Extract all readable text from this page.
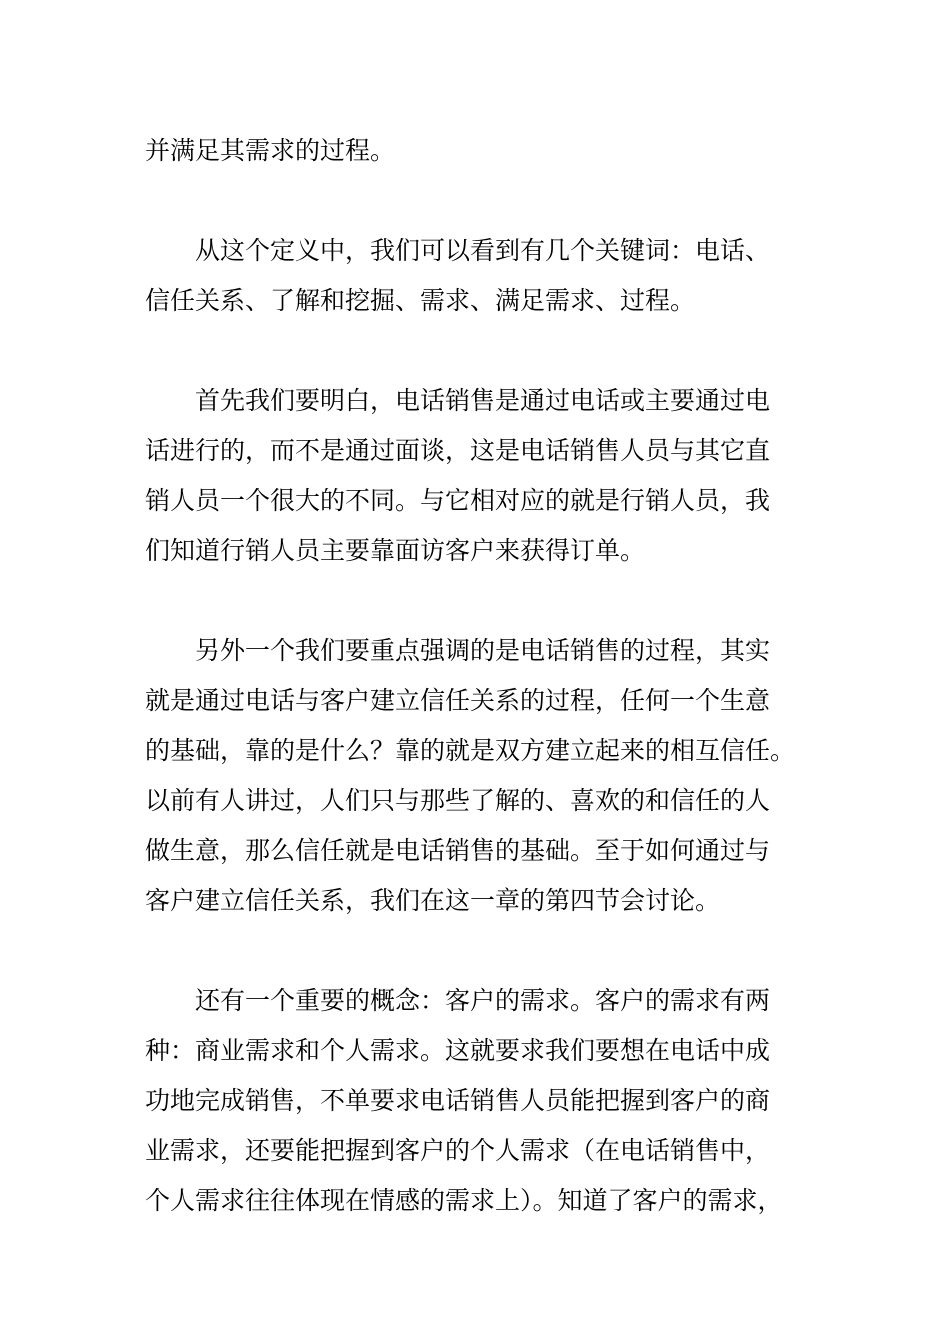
并满足其需求的过程。
从这个定义中，我们可以看到有几个关键词：电话、
信任关系、了解和挖掘、需求、满足需求、过程。
首先我们要明白，电话销售是通过电话或主要通过电
话进行的，而不是通过面谈，这是电话销售人员与其它直
销人员一个很大的不同。与它相对应的就是行销人员，我
们知道行销人员主要靠面访客户来获得订单。
另外一个我们要重点强调的是电话销售的过程，其实
就是通过电话与客户建立信任关系的过程，任何一个生意
的基础，靠的是什么？靠的就是双方建立起来的相互信任。
以前有人讲过，人们只与那些了解的、喜欢的和信任的人
做生意，那么信任就是电话销售的基础。至于如何通过与
客户建立信任关系，我们在这一章的第四节会讨论。
还有一个重要的概念：客户的需求。客户的需求有两
种：商业需求和个人需求。这就要求我们要想在电话中成
功地完成销售，不单要求电话销售人员能把握到客户的商
业需求，还要能把握到客户的个人需求（在电话销售中，
个人需求往往体现在情感的需求上）。知道了客户的需求，
